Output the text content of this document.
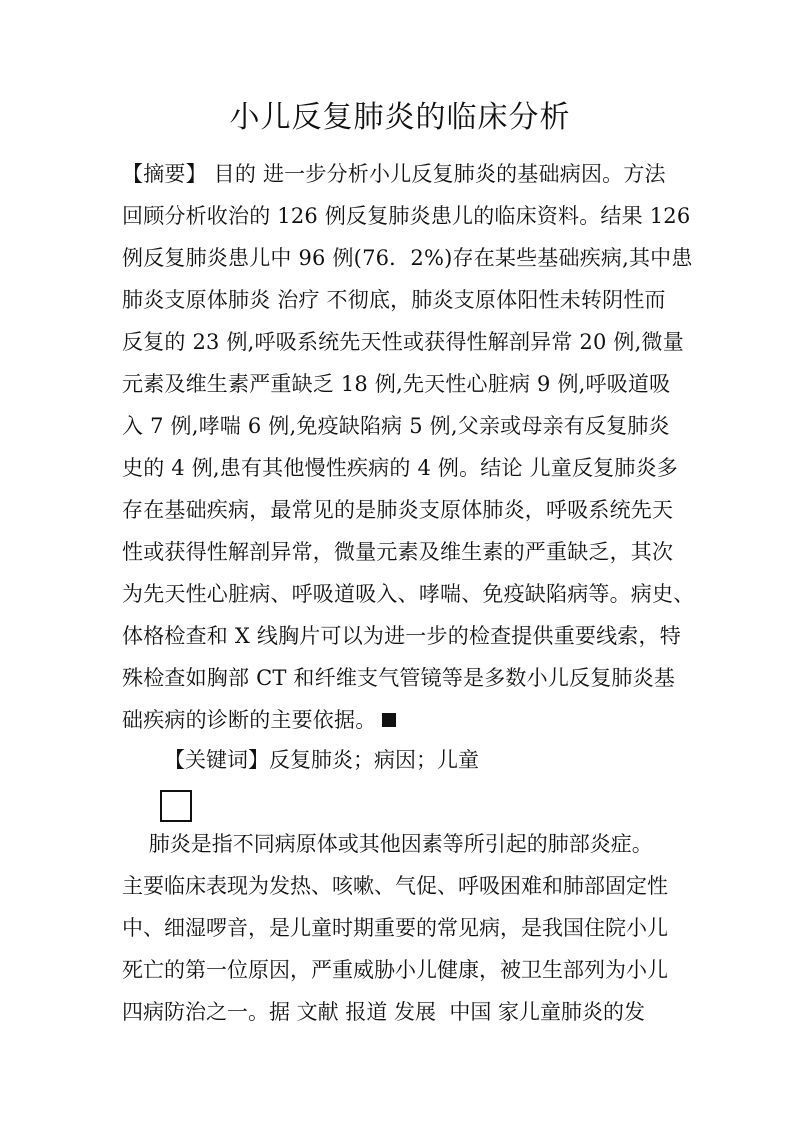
小儿反复肺炎的临床分析
【摘要】 目的 进一步分析小儿反复肺炎的基础病因。方法
回顾分析收治的 126 例反复肺炎患儿的临床资料。结果 126
例反复肺炎患儿中 96 例(76．2%)存在某些基础疾病,其中患
肺炎支原体肺炎 治疗 不彻底，肺炎支原体阳性未转阴性而
反复的 23 例,呼吸系统先天性或获得性解剖异常 20 例,微量
元素及维生素严重缺乏 18 例,先天性心脏病 9 例,呼吸道吸
入 7 例,哮喘 6 例,免疫缺陷病 5 例,父亲或母亲有反复肺炎
史的 4 例,患有其他慢性疾病的 4 例。结论 儿童反复肺炎多
存在基础疾病，最常见的是肺炎支原体肺炎，呼吸系统先天
性或获得性解剖异常，微量元素及维生素的严重缺乏，其次
为先天性心脏病、呼吸道吸入、哮喘、免疫缺陷病等。病史、
体格检查和 X 线胸片可以为进一步的检查提供重要线索，特
殊检查如胸部 CT 和纤维支气管镜等是多数小儿反复肺炎基
础疾病的诊断的主要依据。
【关键词】反复肺炎；病因；儿童
肺炎是指不同病原体或其他因素等所引起的肺部炎症。
主要临床表现为发热、咳嗽、气促、呼吸困难和肺部固定性
中、细湿啰音，是儿童时期重要的常见病，是我国住院小儿
死亡的第一位原因，严重威胁小儿健康，被卫生部列为小儿
四病防治之一。据 文献 报道 发展  中国 家儿童肺炎的发
